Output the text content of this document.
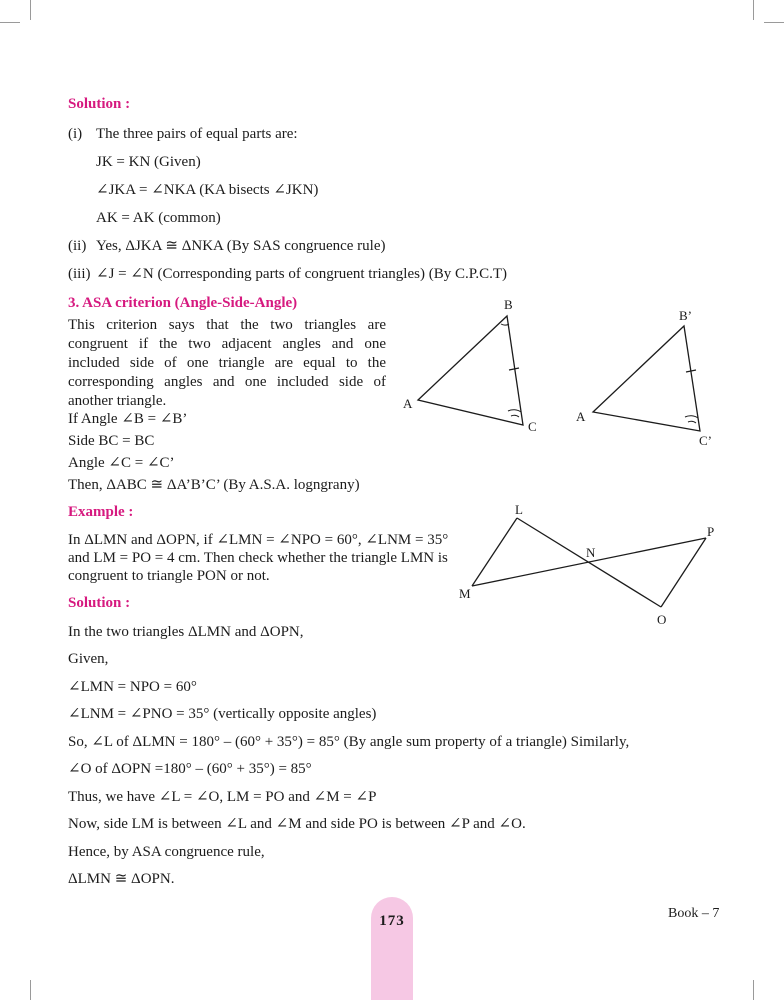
Solution :
(i) The three pairs of equal parts are:
JK = KN (Given)
∠JKA = ∠NKA (KA bisects ∠JKN)
AK = AK (common)
(ii) Yes, ΔJKA ≅ ΔNKA (By SAS congruence rule)
(iii) ∠J = ∠N (Corresponding parts of congruent triangles) (By C.P.C.T)
3. ASA criterion (Angle-Side-Angle)
This criterion says that the two triangles are congruent if the two adjacent angles and one included side of one triangle are equal to the corresponding angles and one included side of another triangle.
If Angle ∠B = ∠B’
Side BC = BC
Angle ∠C = ∠C’
Then, ΔABC ≅ ΔA’B’C’ (By A.S.A. logngrany)
B
A
C
B’
A
C’
Example :
In ΔLMN and ΔOPN, if ∠LMN = ∠NPO = 60°, ∠LNM = 35° and LM = PO = 4 cm. Then check whether the triangle LMN is congruent to triangle PON or not.
L
M
N
O
P
Solution :
In the two triangles ΔLMN and ΔOPN,
Given,
∠LMN = NPO = 60°
∠LNM = ∠PNO = 35° (vertically opposite angles)
So, ∠L of ΔLMN = 180° – (60° + 35°) = 85° (By angle sum property of a triangle) Similarly,
∠O of ΔOPN =180° – (60° + 35°) = 85°
Thus, we have ∠L = ∠O, LM = PO and ∠M = ∠P
Now, side LM is between ∠L and ∠M and side PO is between ∠P and ∠O.
Hence, by ASA congruence rule,
ΔLMN ≅ ΔOPN.
173	Book – 7
